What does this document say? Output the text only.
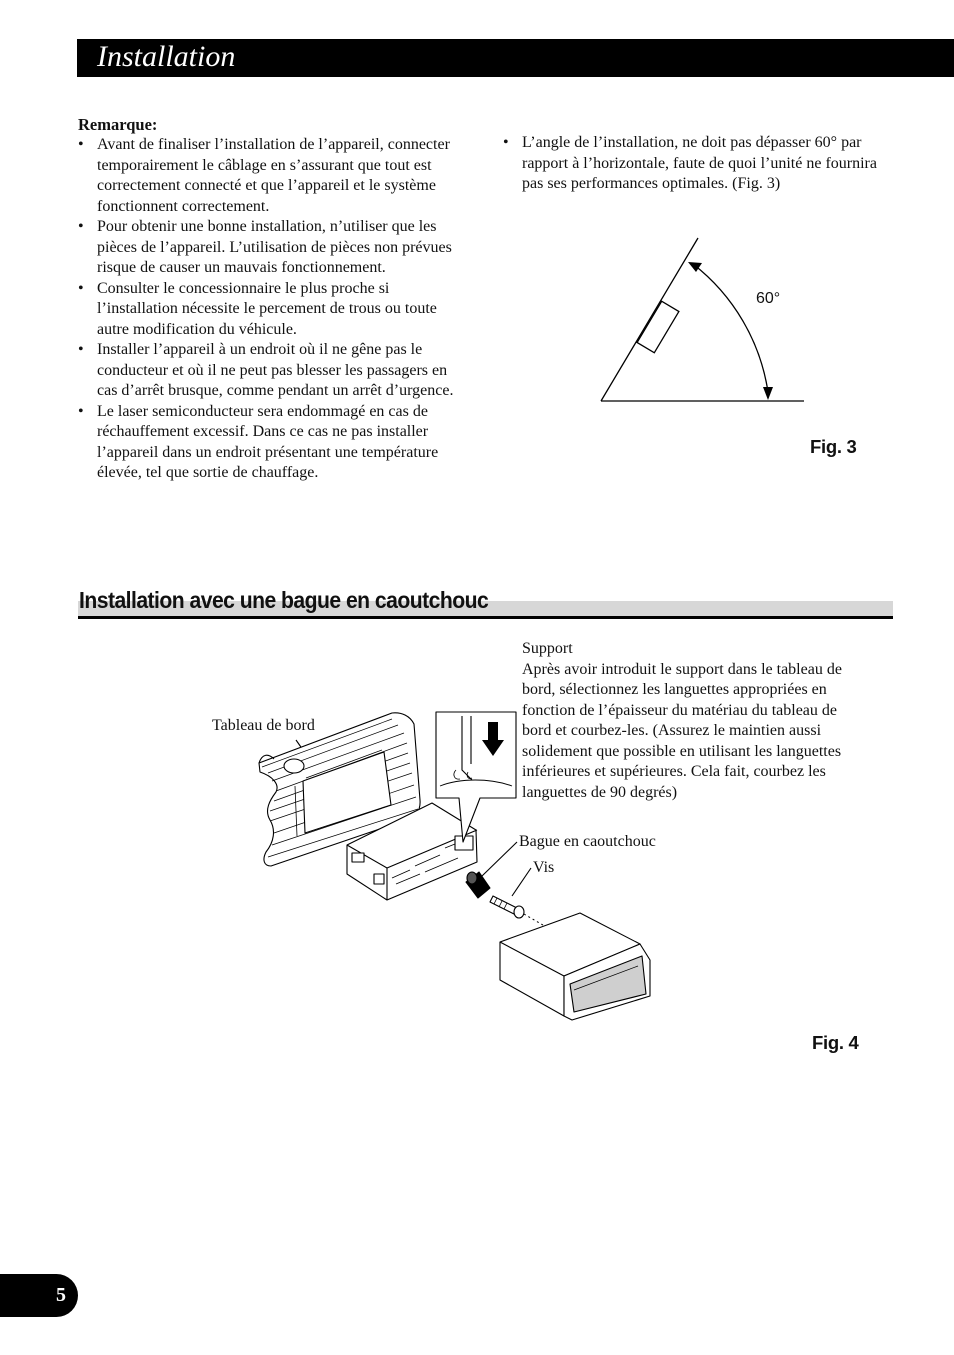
Installation
Remarque:
• Avant de finaliser l’installation de l’appareil, connecter temporairement le câblage en s’assurant que tout est correctement connecté et que l’appareil et le système fonctionnent correctement.
• Pour obtenir une bonne installation, n’utiliser que les pièces de l’appareil. L’utilisation de pièces non prévues risque de causer un mauvais fonctionnement.
• Consulter le concessionnaire le plus proche si l’installation nécessite le percement de trous ou toute autre modification du véhicule.
• Installer l’appareil à un endroit où il ne gêne pas le conducteur et où il ne peut pas blesser les passagers en cas d’arrêt brusque, comme pendant un arrêt d’urgence.
• Le laser semiconducteur sera endommagé en cas de réchauffement excessif. Dans ce cas ne pas installer l’appareil dans un endroit présentant une température élevée, tel que sortie de chauffage.
• L’angle de l’installation, ne doit pas dépasser 60° par rapport à l’horizontale, faute de quoi l’unité ne fournira pas ses performances optimales. (Fig. 3)
60°
Fig. 3
Installation avec une bague en caoutchouc
Support
Après avoir introduit le support dans le tableau de bord, sélectionnez les languettes appropriées en fonction de l’épaisseur du matériau du tableau de bord et courbez-les. (Assurez le maintien aussi solidement que possible en utilisant les languettes inférieures et supérieures. Cela fait, courbez les languettes de 90 degrés)
Tableau de bord
Bague en caoutchouc
Vis
Fig. 4
5
